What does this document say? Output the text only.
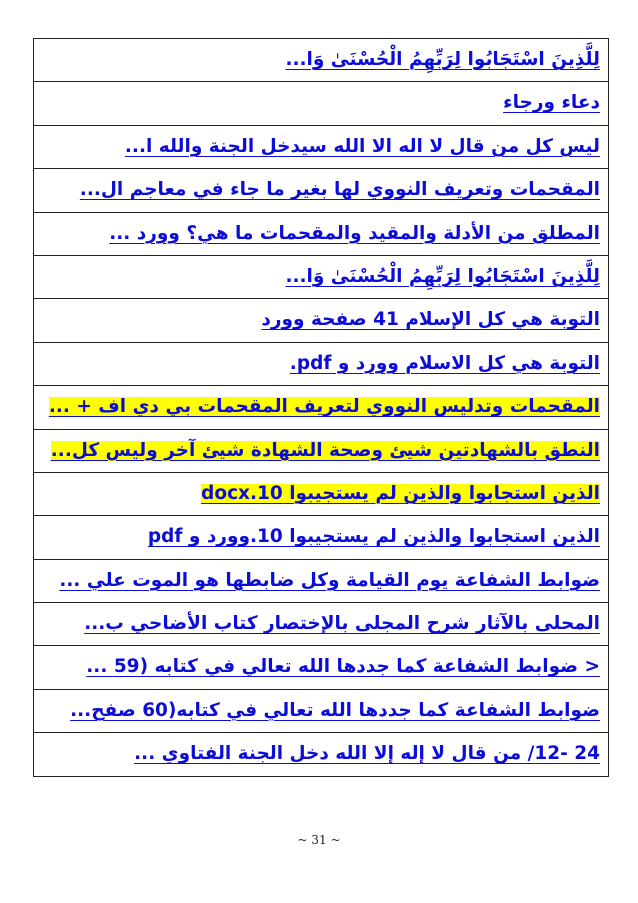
لِلَّذِينَ اسْتَجَابُوا لِرَبِّهِمُ الْحُسْنَىٰ وَا...
دعاء ورجاء
ليس كل من قال لا اله الا الله سيدخل الجنة والله ا...
المقحمات وتعريف النووي لها بغير ما جاء في معاجم ال...
المطلق من الأدلة والمقيد والمقحمات ما هي؟ وورد ...
لِلَّذِينَ اسْتَجَابُوا لِرَبِّهِمُ الْحُسْنَىٰ وَا...
التوبة هي كل الإسلام 41 صفحة وورد
التوبة هي كل الاسلام وورد و pdf.
المقحمات وتدليس النووي لتعريف المقحمات بي دي اف + ...
النطق بالشهادتين شيئ وصحة الشهادة شيئ آخر وليس كل...
الذين استجابوا والذين لم يستجيبوا docx.10
الذين استجابوا والذين لم يستجيبوا 10.وورد و pdf
ضوابط الشفاعة يوم القيامة وكل ضابطها هو الموت علي ...
المحلى بالآثار شرح المجلى بالإختصار كتاب الأضاحي ب...
< ضوابط الشفاعة كما جددها الله تعالي في كتابه (59 ...
ضوابط الشفاعة كما جددها الله تعالي في كتابه(60 صفح...
24 -12/ من قال لا إله إلا الله دخل الجنة الفتاوي ...
~ 31 ~
